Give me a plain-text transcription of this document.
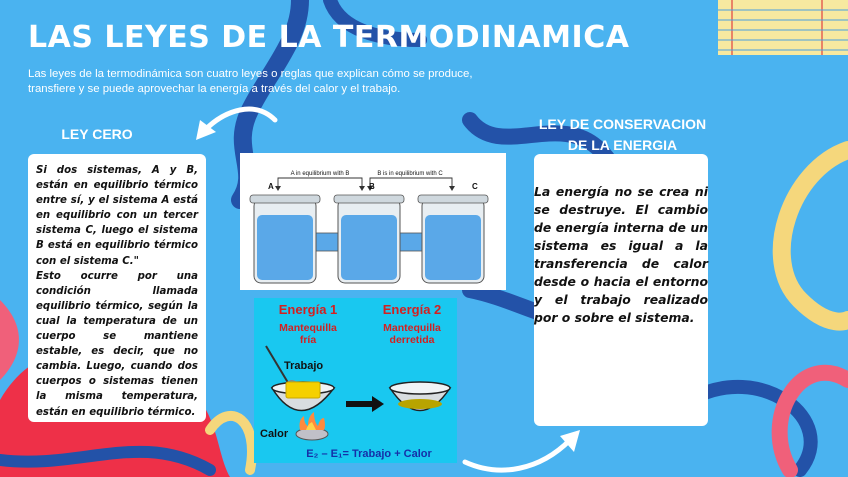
LAS LEYES DE LA TERMODINAMICA

Las leyes de la termodinámica son cuatro leyes o reglas que explican cómo se produce, transfiere y se puede aprovechar la energía a través del calor y el trabajo.

LEY CERO

Si dos sistemas, A y B, están en equilibrio térmico entre sí, y el sistema A está en equilibrio con un tercer sistema C, luego el sistema B está en equilibrio térmico con el sistema C."

Esto ocurre por una condición llamada equilibrio térmico, según la cual la temperatura de un cuerpo se mantiene estable, es decir, que no cambia. Luego, cuando dos cuerpos o sistemas tienen la misma temperatura, están en equilibrio térmico.

LEY DE CONSERVACION
DE LA ENERGIA

La energía no se crea ni se destruye. El cambio de energía interna de un sistema es igual a la transferencia de calor desde o hacia el entorno y el trabajo realizado por o sobre el sistema.

A in equilibrium with B	B is in equilibrium with C
A	B	C
Energía 1	Energía 2
Mantequilla
fría
Mantequilla
derretida
Trabajo
Calor
E₂ – E₁= Trabajo + Calor
